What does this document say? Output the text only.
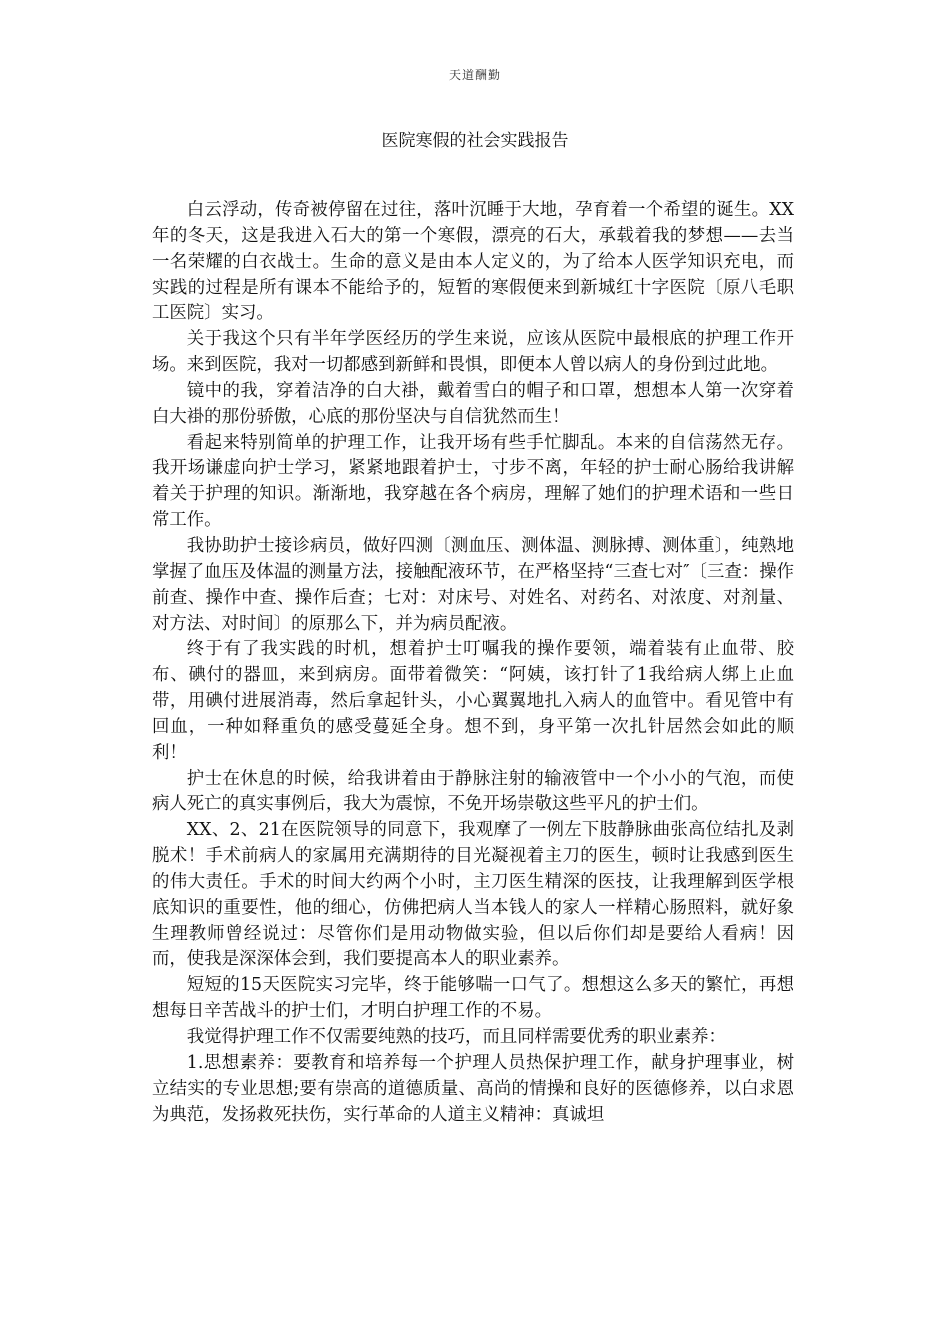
天道酬勤
医院寒假的社会实践报告

白云浮动，传奇被停留在过往，落叶沉睡于大地，孕育着一个希望的诞生。XX年的冬天，这是我进入石大的第一个寒假，漂亮的石大，承载着我的梦想——去当一名荣耀的白衣战士。生命的意义是由本人定义的，为了给本人医学知识充电，而实践的过程是所有课本不能给予的，短暂的寒假便来到新城红十字医院〔原八毛职工医院〕实习。

关于我这个只有半年学医经历的学生来说，应该从医院中最根底的护理工作开场。来到医院，我对一切都感到新鲜和畏惧，即便本人曾以病人的身份到过此地。

镜中的我，穿着洁净的白大褂，戴着雪白的帽子和口罩，想想本人第一次穿着白大褂的那份骄傲，心底的那份坚决与自信犹然而生！

看起来特别简单的护理工作，让我开场有些手忙脚乱。本来的自信荡然无存。我开场谦虚向护士学习，紧紧地跟着护士，寸步不离，年轻的护士耐心肠给我讲解着关于护理的知识。渐渐地，我穿越在各个病房，理解了她们的护理术语和一些日常工作。

我协助护士接诊病员，做好四测〔测血压、测体温、测脉搏、测体重〕，纯熟地掌握了血压及体温的测量方法，接触配液环节，在严格坚持“三查七对″〔三查：操作前查、操作中查、操作后查；七对：对床号、对姓名、对药名、对浓度、对剂量、对方法、对时间〕的原那么下，并为病员配液。

终于有了我实践的时机，想着护士叮嘱我的操作要领，端着装有止血带、胶布、碘付的器皿，来到病房。面带着微笑：“阿姨，该打针了1我给病人绑上止血带，用碘付进展消毒，然后拿起针头，小心翼翼地扎入病人的血管中。看见管中有回血，一种如释重负的感受蔓延全身。想不到，身平第一次扎针居然会如此的顺利！

护士在休息的时候，给我讲着由于静脉注射的输液管中一个小小的气泡，而使病人死亡的真实事例后，我大为震惊，不免开场崇敬这些平凡的护士们。

XX、2、21在医院领导的同意下，我观摩了一例左下肢静脉曲张高位结扎及剥脱术！手术前病人的家属用充满期待的目光凝视着主刀的医生，顿时让我感到医生的伟大责任。手术的时间大约两个小时，主刀医生精深的医技，让我理解到医学根底知识的重要性，他的细心，仿佛把病人当本钱人的家人一样精心肠照料，就好象生理教师曾经说过：尽管你们是用动物做实验，但以后你们却是要给人看病！因而，使我是深深体会到，我们要提高本人的职业素养。

短短的15天医院实习完毕，终于能够喘一口气了。想想这么多天的繁忙，再想想每日辛苦战斗的护士们，才明白护理工作的不易。

我觉得护理工作不仅需要纯熟的技巧，而且同样需要优秀的职业素养：

1.思想素养：要教育和培养每一个护理人员热保护理工作，献身护理事业，树立结实的专业思想;要有崇高的道德质量、高尚的情操和良好的医德修养，以白求恩为典范，发扬救死扶伤，实行革命的人道主义精神：真诚坦
